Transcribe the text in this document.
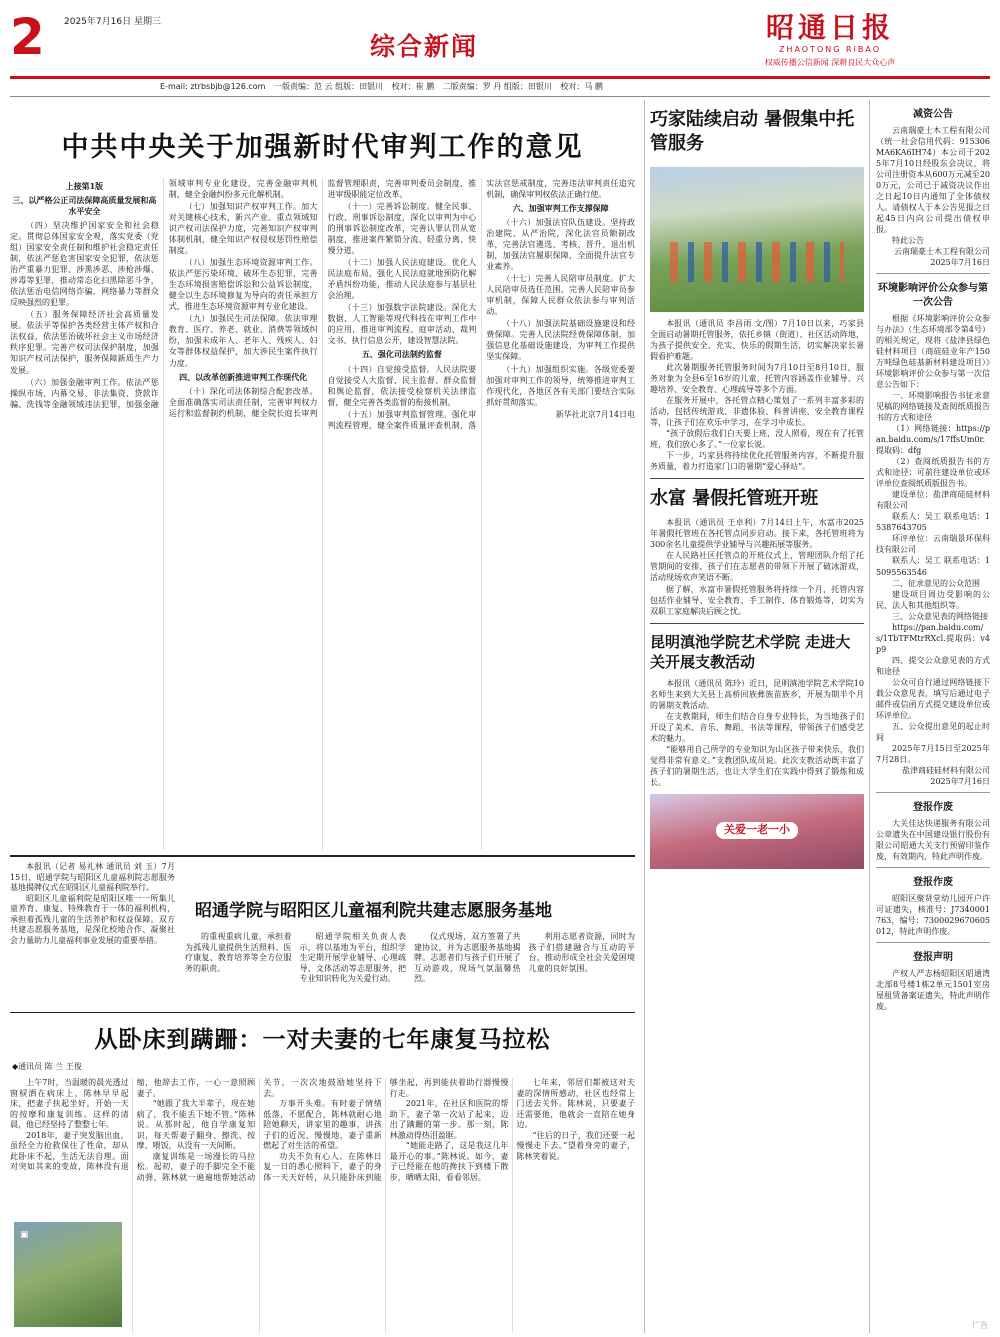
2 2025年7月16日 星期三
综合新闻
昭通日报
ZHAOTONG RIBAO
权威传播公信新闻 深耕良民大众心声
E-mail: ztrbsbjb@126.com 一版责编：范 云 组版：田银川 校对：崔 鹏 二版责编：罗 丹 组版：田银川 校对：马 鹏
中共中央关于加强新时代审判工作的意见

上接第1版

三、以严格公正司法保障高质量发展和高水平安全

（四）坚决维护国家安全和社会稳定。贯彻总体国家安全观，落实党委（党组）国家安全责任制和维护社会稳定责任制，依法严惩危害国家安全犯罪，依法惩治严重暴力犯罪、涉黑涉恶、涉枪涉爆、涉毒等犯罪，推动常态化扫黑除恶斗争，依法惩治电信网络诈骗、网络暴力等群众反映强烈的犯罪。

（五）服务保障经济社会高质量发展。依法平等保护各类经营主体产权和合法权益，依法惩治破坏社会主义市场经济秩序犯罪。完善产权司法保护制度，加强知识产权司法保护，服务保障新质生产力发展。

（六）加强金融审判工作。依法严惩操纵市场、内幕交易、非法集资、贷款诈骗、洗钱等金融领域违法犯罪，加强金融领域审判专业化建设，完善金融审判机制，健全金融纠纷多元化解机制。

（七）加强知识产权审判工作。加大对关键核心技术、新兴产业、重点领域知识产权司法保护力度，完善知识产权审判体制机制，健全知识产权侵权惩罚性赔偿制度。

（八）加强生态环境资源审判工作。依法严惩污染环境、破坏生态犯罪，完善生态环境损害赔偿诉讼和公益诉讼制度，健全以生态环境修复为导向的责任承担方式，推进生态环境资源审判专业化建设。

（九）加强民生司法保障。依法审理教育、医疗、养老、就业、消费等领域纠纷，加强未成年人、老年人、残疾人、妇女等群体权益保护，加大涉民生案件执行力度。

四、以改革创新推进审判工作现代化

（十）深化司法体制综合配套改革。全面准确落实司法责任制，完善审判权力运行和监督制约机制，健全院长庭长审判监督管理职责，完善审判委员会制度，推进审级职能定位改革。

（十一）完善诉讼制度。健全民事、行政、刑事诉讼制度，深化以审判为中心的刑事诉讼制度改革，完善认罪认罚从宽制度，推进案件繁简分流、轻重分离、快慢分道。

（十二）加强人民法庭建设。优化人民法庭布局，强化人民法庭就地预防化解矛盾纠纷功能，推动人民法庭参与基层社会治理。

（十三）加强数字法院建设。深化大数据、人工智能等现代科技在审判工作中的应用，推进审判流程、庭审活动、裁判文书、执行信息公开，建设智慧法院。

五、强化司法制约监督

（十四）自觉接受监督。人民法院要自觉接受人大监督、民主监督、群众监督和舆论监督，依法接受检察机关法律监督，健全完善各类监督的衔接机制。

（十五）加强审判监督管理。强化审判流程管理，健全案件质量评查机制，落实法官惩戒制度，完善违法审判责任追究机制，确保审判权依法正确行使。

六、加强审判工作支撑保障

（十六）加强法官队伍建设。坚持政治建院、从严治院，深化法官员额制改革，完善法官遴选、考核、晋升、退出机制，加强法官履职保障，全面提升法官专业素养。

（十七）完善人民陪审员制度。扩大人民陪审员选任范围，完善人民陪审员参审机制，保障人民群众依法参与审判活动。

（十八）加强法院基础设施建设和经费保障。完善人民法院经费保障体制，加强信息化基础设施建设，为审判工作提供坚实保障。

（十九）加强组织实施。各级党委要加强对审判工作的领导，统筹推进审判工作现代化，各地区各有关部门要结合实际抓好贯彻落实。

新华社北京7月14日电

本报讯（记者 易礼林 通讯员 刘 玉）7月15日，昭通学院与昭阳区儿童福利院志愿服务基地揭牌仪式在昭阳区儿童福利院举行。

昭阳区儿童福利院是昭阳区唯一一所集儿童养育、康复、特殊教育于一体的福利机构，承担着孤残儿童的生活养护和权益保障。双方共建志愿服务基地，是深化校地合作、凝聚社会力量助力儿童福利事业发展的重要举措。

昭通学院与昭阳区儿童福利院共建志愿服务基地

的重视重病儿童，承担着为孤残儿童提供生活照料、医疗康复、教育培养等全方位服务的职责。

昭通学院相关负责人表示，将以基地为平台，组织学生定期开展学业辅导、心理疏导、文体活动等志愿服务，把专业知识转化为关爱行动。

仪式现场，双方签署了共建协议，并为志愿服务基地揭牌。志愿者们与孩子们开展了互动游戏，现场气氛温馨热烈。

利用志愿者资源，同时为孩子们搭建融合与互动的平台，推动形成全社会关爱困境儿童的良好氛围。

从卧床到蹒跚：一对夫妻的七年康复马拉松
◆通讯员 陈 兰 王俊

上午7时，当温暖的晨光透过窗棂洒在病床上，陈林早早起床，把妻子扶起坐好，开始一天的按摩和康复训练。这样的清晨，他已经坚持了整整七年。

2018年，妻子突发脑出血，虽经全力抢救保住了性命，却从此卧床不起，生活无法自理。面对突如其来的变故，陈林没有退缩，他辞去工作，一心一意照顾妻子。

“她跟了我大半辈子，现在她病了，我不能丢下她不管。”陈林说。从那时起，他自学康复知识，每天帮妻子翻身、擦洗、按摩、喂饭，从没有一天间断。

康复训练是一场漫长的马拉松。起初，妻子的手脚完全不能动弹，陈林就一遍遍地帮她活动关节，一次次地鼓励她坚持下去。

万事开头难。有时妻子情绪低落，不愿配合，陈林就耐心地陪她聊天，讲家里的趣事，讲孩子们的近况，慢慢地，妻子重新燃起了对生活的希望。

功夫不负有心人。在陈林日复一日的悉心照料下，妻子的身体一天天好转，从只能卧床到能够坐起，再到能扶着助行器慢慢行走。

2021年，在社区和医院的帮助下，妻子第一次站了起来，迈出了蹒跚的第一步。那一刻，陈林激动得热泪盈眶。

“她能走路了，这是我这几年最开心的事。”陈林说。如今，妻子已经能在他的搀扶下到楼下散步，晒晒太阳，看看邻居。

七年来，邻居们都被这对夫妻的深情所感动，社区也经常上门送去关怀。陈林说，只要妻子还需要他，他就会一直陪在她身边。

“往后的日子，我们还要一起慢慢走下去。”望着身旁的妻子，陈林笑着说。

▣
巧家陆续启动 暑假集中托管服务

本报讯（通讯员 李昌雨 文/图）7月10日以来，巧家县全面启动暑期托管服务，依托乡镇（街道）、社区活动阵地，为孩子提供安全、充实、快乐的假期生活，切实解决家长暑假看护难题。

此次暑期服务托管服务时间为7月10日至8月10日，服务对象为全县6至16岁的儿童，托管内容涵盖作业辅导、兴趣培养、安全教育、心理疏导等多个方面。

在服务开展中，各托管点精心策划了一系列丰富多彩的活动，包括传统游戏、非遗体验、科普讲座、安全教育课程等，让孩子们在欢乐中学习，在学习中成长。

“孩子放假后我们白天要上班，没人照看，现在有了托管班，我们放心多了。”一位家长说。

下一步，巧家县将持续优化托管服务内容，不断提升服务质量，着力打造家门口的暑期“爱心驿站”。

水富 暑假托管班开班

本报讯（通讯员 王卓利）7月14日上午，水富市2025年暑假托管班在各托管点同步启动。接下来，各托管班将为300余名儿童提供学业辅导与兴趣拓展等服务。

在人民路社区托管点的开班仪式上，管理团队介绍了托管期间的安排，孩子们在志愿者的带领下开展了破冰游戏，活动现场欢声笑语不断。

据了解，水富市暑假托管服务将持续一个月，托管内容包括作业辅导、安全教育、手工制作、体育锻炼等，切实为双职工家庭解决后顾之忧。

昆明滇池学院艺术学院 走进大关开展支教活动

本报讯（通讯员 陈玲）近日，昆明滇池学院艺术学院10名师生来到大关县上高桥回族彝族苗族乡，开展为期半个月的暑期支教活动。

在支教期间，师生们结合自身专业特长，为当地孩子们开设了美术、音乐、舞蹈、书法等课程，带领孩子们感受艺术的魅力。

“能够用自己所学的专业知识为山区孩子带来快乐，我们觉得非常有意义。”支教团队成员说。此次支教活动既丰富了孩子们的暑期生活，也让大学生们在实践中得到了锻炼和成长。

关爱一老一小
减资公告

云南瑞豪土木工程有限公司（统一社会信用代码：915306MA6KA6IH74）本公司于2025年7月10日经股东会决议，将公司注册资本从600万元减至200万元，公司已于减资决议作出之日起10日内通知了全体债权人。请债权人于本公告见报之日起45日内向公司提出债权申报。

特此公告

云南瑞豪土木工程有限公司
2025年7月16日

环境影响评价公众参与第一次公告

根据《环境影响评价公众参与办法》（生态环境部令第4号）的相关规定，现将《盐津县绿色硅材料项目（商硅硅业年产150万吨绿色硅基新材料建设项目）》环境影响评价公众参与第一次信息公告如下：

一、环境影响报告书征求意见稿的网络链接及查阅纸质报告书的方式和途径

（1）网络链接：https://pan.baidu.com/s/17ffsUm0r.提取码：dfg

（2）查阅纸质报告书的方式和途径：可前往建设单位或环评单位查阅纸质版报告书。

建设单位：盐津商硅硅材料有限公司

联系人：吴工 联系电话：15387643705

环评单位：云南瑞景环保科技有限公司

联系人：吴工 联系电话：15095563546

二、征求意见的公众范围

建设项目周边受影响的公民、法人和其他组织等。

三、公众意见表的网络链接

https://pan.baidu.com/s/1TbTFMtrRXcl.提取码：v4p9

四、提交公众意见表的方式和途径

公众可自行通过网络链接下载公众意见表，填写后通过电子邮件或信函方式提交建设单位或环评单位。

五、公众提出意见的起止时间

2025年7月15日至2025年7月28日。

盐津商硅硅材料有限公司
2025年7月16日

登报作废

大关佳达快递服务有限公司公章遗失在中国建设银行股份有限公司昭通大关支行预留印鉴作废，有效期内，特此声明作废。

登报作废

昭阳区聚贤堂幼儿园开户许可证遗失，核准号：J7340001763，编号：7300029670605012，特此声明作废。

登报声明

产权人严志杨昭阳区昭通湾北部8号楼1栋2单元1501室房屋租赁备案证遗失，特此声明作废。

广告
